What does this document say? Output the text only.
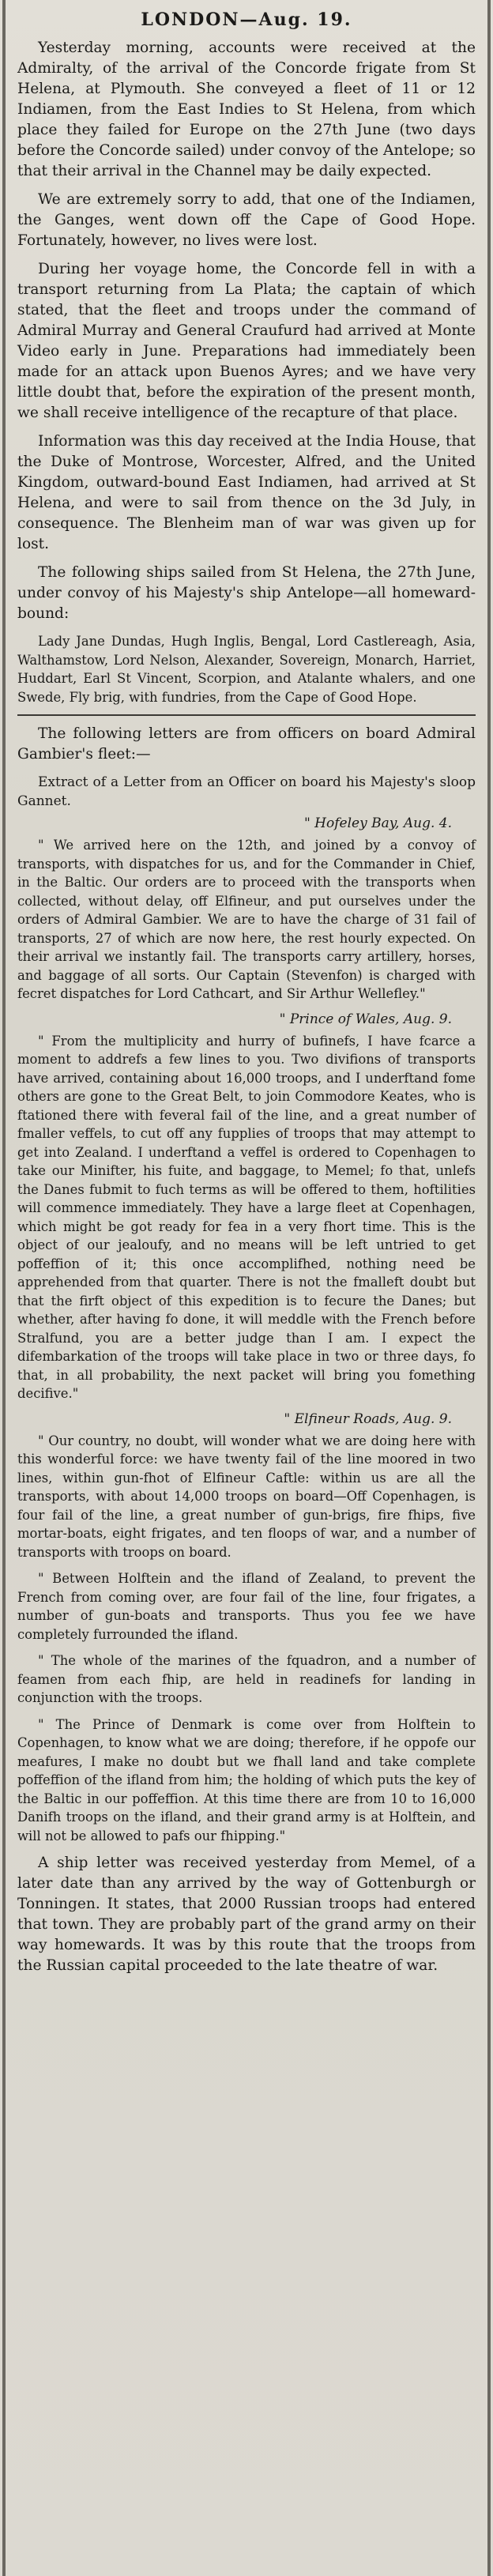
LONDON—Aug. 19.

Yesterday morning, accounts were received at the Admiralty, of the arrival of the Concorde frigate from St Helena, at Plymouth. She conveyed a fleet of 11 or 12 Indiamen, from the East Indies to St Helena, from which place they failed for Europe on the 27th June (two days before the Concorde sailed) under convoy of the Antelope; so that their arrival in the Channel may be daily expected.

We are extremely sorry to add, that one of the Indiamen, the Ganges, went down off the Cape of Good Hope. Fortunately, however, no lives were lost.

During her voyage home, the Concorde fell in with a transport returning from La Plata; the captain of which stated, that the fleet and troops under the command of Admiral Murray and General Craufurd had arrived at Monte Video early in June. Preparations had immediately been made for an attack upon Buenos Ayres; and we have very little doubt that, before the expiration of the present month, we shall receive intelligence of the recapture of that place.

Information was this day received at the India House, that the Duke of Montrose, Worcester, Alfred, and the United Kingdom, outward-bound East Indiamen, had arrived at St Helena, and were to sail from thence on the 3d July, in consequence. The Blenheim man of war was given up for lost.

The following ships sailed from St Helena, the 27th June, under convoy of his Majesty's ship Antelope—all homeward-bound:

Lady Jane Dundas, Hugh Inglis, Bengal, Lord Castlereagh, Asia, Walthamstow, Lord Nelson, Alexander, Sovereign, Monarch, Harriet, Huddart, Earl St Vincent, Scorpion, and Atalante whalers, and one Swede, Fly brig, with fundries, from the Cape of Good Hope.

The following letters are from officers on board Admiral Gambier's fleet:—

Extract of a Letter from an Officer on board his Majesty's sloop Gannet.
" Hofeley Bay, Aug. 4.

" We arrived here on the 12th, and joined by a convoy of transports, with dispatches for us, and for the Commander in Chief, in the Baltic. Our orders are to proceed with the transports when collected, without delay, off Elfineur, and put ourselves under the orders of Admiral Gambier. We are to have the charge of 31 fail of transports, 27 of which are now here, the rest hourly expected. On their arrival we instantly fail. The transports carry artillery, horses, and baggage of all sorts. Our Captain (Stevenfon) is charged with fecret dispatches for Lord Cathcart, and Sir Arthur Wellefley."

" Prince of Wales, Aug. 9.

" From the multiplicity and hurry of bufinefs, I have fcarce a moment to addrefs a few lines to you. Two divifions of transports have arrived, containing about 16,000 troops, and I underftand fome others are gone to the Great Belt, to join Commodore Keates, who is ftationed there with feveral fail of the line, and a great number of fmaller veffels, to cut off any fupplies of troops that may attempt to get into Zealand. I underftand a veffel is ordered to Copenhagen to take our Minifter, his fuite, and baggage, to Memel; fo that, unlefs the Danes fubmit to fuch terms as will be offered to them, hoftilities will commence immediately. They have a large fleet at Copenhagen, which might be got ready for fea in a very fhort time. This is the object of our jealoufy, and no means will be left untried to get poffeffion of it; this once accomplifhed, nothing need be apprehended from that quarter. There is not the fmalleft doubt but that the firft object of this expedition is to fecure the Danes; but whether, after having fo done, it will meddle with the French before Stralfund, you are a better judge than I am. I expect the difembarkation of the troops will take place in two or three days, fo that, in all probability, the next packet will bring you fomething decifive."

" Elfineur Roads, Aug. 9.

" Our country, no doubt, will wonder what we are doing here with this wonderful force: we have twenty fail of the line moored in two lines, within gun-fhot of Elfineur Caftle: within us are all the transports, with about 14,000 troops on board—Off Copenhagen, is four fail of the line, a great number of gun-brigs, fire fhips, five mortar-boats, eight frigates, and ten floops of war, and a number of transports with troops on board.

" Between Holftein and the ifland of Zealand, to prevent the French from coming over, are four fail of the line, four frigates, a number of gun-boats and transports. Thus you fee we have completely furrounded the ifland.

" The whole of the marines of the fquadron, and a number of feamen from each fhip, are held in readinefs for landing in conjunction with the troops.

" The Prince of Denmark is come over from Holftein to Copenhagen, to know what we are doing; therefore, if he oppofe our meafures, I make no doubt but we fhall land and take complete poffeffion of the ifland from him; the holding of which puts the key of the Baltic in our poffeffion. At this time there are from 10 to 16,000 Danifh troops on the ifland, and their grand army is at Holftein, and will not be allowed to pafs our fhipping."

A ship letter was received yesterday from Memel, of a later date than any arrived by the way of Gottenburgh or Tonningen. It states, that 2000 Russian troops had entered that town. They are probably part of the grand army on their way homewards. It was by this route that the troops from the Russian capital proceeded to the late theatre of war.
